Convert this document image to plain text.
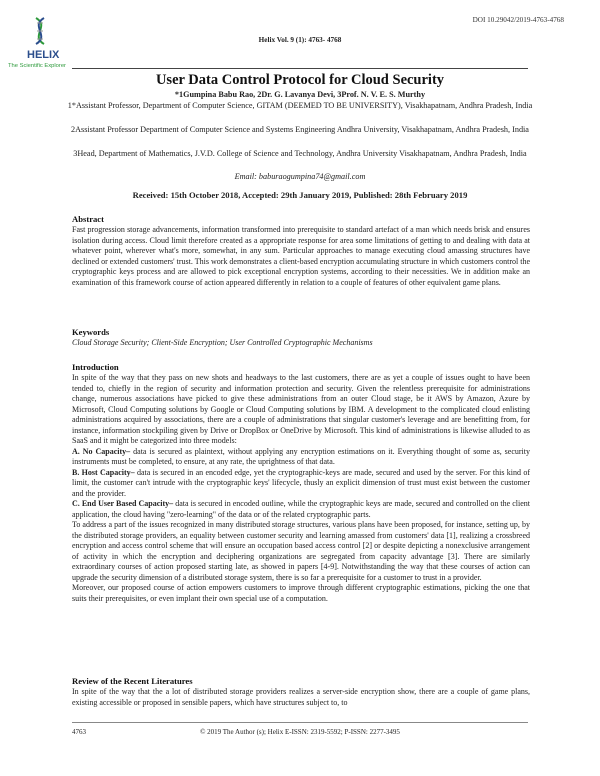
HELIX
The Scientific Explorer
DOI 10.29042/2019-4763-4768
Helix Vol. 9 (1): 4763- 4768
User Data Control Protocol for Cloud Security
*1Gumpina Babu Rao, 2Dr. G. Lavanya Devi, 3Prof. N. V. E. S. Murthy
1*Assistant Professor, Department of Computer Science, GITAM (DEEMED TO BE UNIVERSITY), Visakhapatnam, Andhra Pradesh, India
2Assistant Professor Department of Computer Science and Systems Engineering Andhra University, Visakhapatnam, Andhra Pradesh, India
3Head, Department of Mathematics, J.V.D. College of Science and Technology, Andhra University Visakhapatnam, Andhra Pradesh, India
Email: baburaogumpina74@gmail.com
Received: 15th October 2018, Accepted: 29th January 2019, Published: 28th February 2019
Abstract

Fast progression storage advancements, information transformed into prerequisite to standard artefact of a man which needs brisk and ensures isolation during access. Cloud limit therefore created as a appropriate response for area some limitations of getting to and dealing with data at whatever point, wherever what's more, somewhat, in any sum. Particular approaches to manage executing cloud amassing structures have declined or extended customers' trust. This work demonstrates a client-based encryption accumulating structure in which customers control the cryptographic keys process and are allowed to pick exceptional encryption systems, according to their necessities. We in addition make an examination of this framework course of action appeared differently in relation to a couple of features of other equivalent game plans.

Keywords
Cloud Storage Security; Client-Side Encryption; User Controlled Cryptographic Mechanisms
Introduction

In spite of the way that they pass on new shots and headways to the last customers, there are as yet a couple of issues ought to have been tended to, chiefly in the region of security and information protection and security. Given the relentless prerequisite for administrations change, numerous associations have picked to give these administrations from an outer Cloud stage, be it AWS by Amazon, Azure by Microsoft, Cloud Computing solutions by Google or Cloud Computing solutions by IBM. A development to the complicated cloud enlisting administrations acquired by associations, there are a couple of administrations that singular customer's leverage and are benefitting from, for instance, information stockpiling given by Drive or DropBox or OneDrive by Microsoft. This kind of administrations is likewise alluded to as SaaS and it might be categorized into three models:

A. No Capacity– data is secured as plaintext, without applying any encryption estimations on it. Everything thought of some as, security instruments must be completed, to ensure, at any rate, the uprightness of that data.

B. Host Capacity– data is secured in an encoded edge, yet the cryptographic-keys are made, secured and used by the server. For this kind of limit, the customer can't intrude with the cryptographic keys' lifecycle, thusly an explicit dimension of trust must exist between the customer and the provider.

C. End User Based Capacity– data is secured in encoded outline, while the cryptographic keys are made, secured and controlled on the client application, the cloud having "zero-learning" of the data or of the related cryptographic parts.

To address a part of the issues recognized in many distributed storage structures, various plans have been proposed, for instance, setting up, by the distributed storage providers, an equality between customer security and learning amassed from customers' data [1], realizing a crossbreed encryption and access control scheme that will ensure an occupation based access control [2] or despite depicting a nonexclusive arrangement of activity in which the encryption and deciphering organizations are segregated from capacity advantage [3]. There are similarly extraordinary courses of action proposed starting late, as showed in papers [4-9]. Notwithstanding the way that these courses of action can upgrade the security dimension of a distributed storage system, there is so far a prerequisite for a customer to trust in a provider.

Moreover, our proposed course of action empowers customers to improve through different cryptographic estimations, picking the one that suits their prerequisites, or even implant their own special use of a computation.

Review of the Recent Literatures

In spite of the way that the a lot of distributed storage providers realizes a server-side encryption show, there are a couple of game plans, existing accessible or proposed in sensible papers, which have structures subject to, to

4763	© 2019 The Author (s); Helix E-ISSN: 2319-5592; P-ISSN: 2277-3495
